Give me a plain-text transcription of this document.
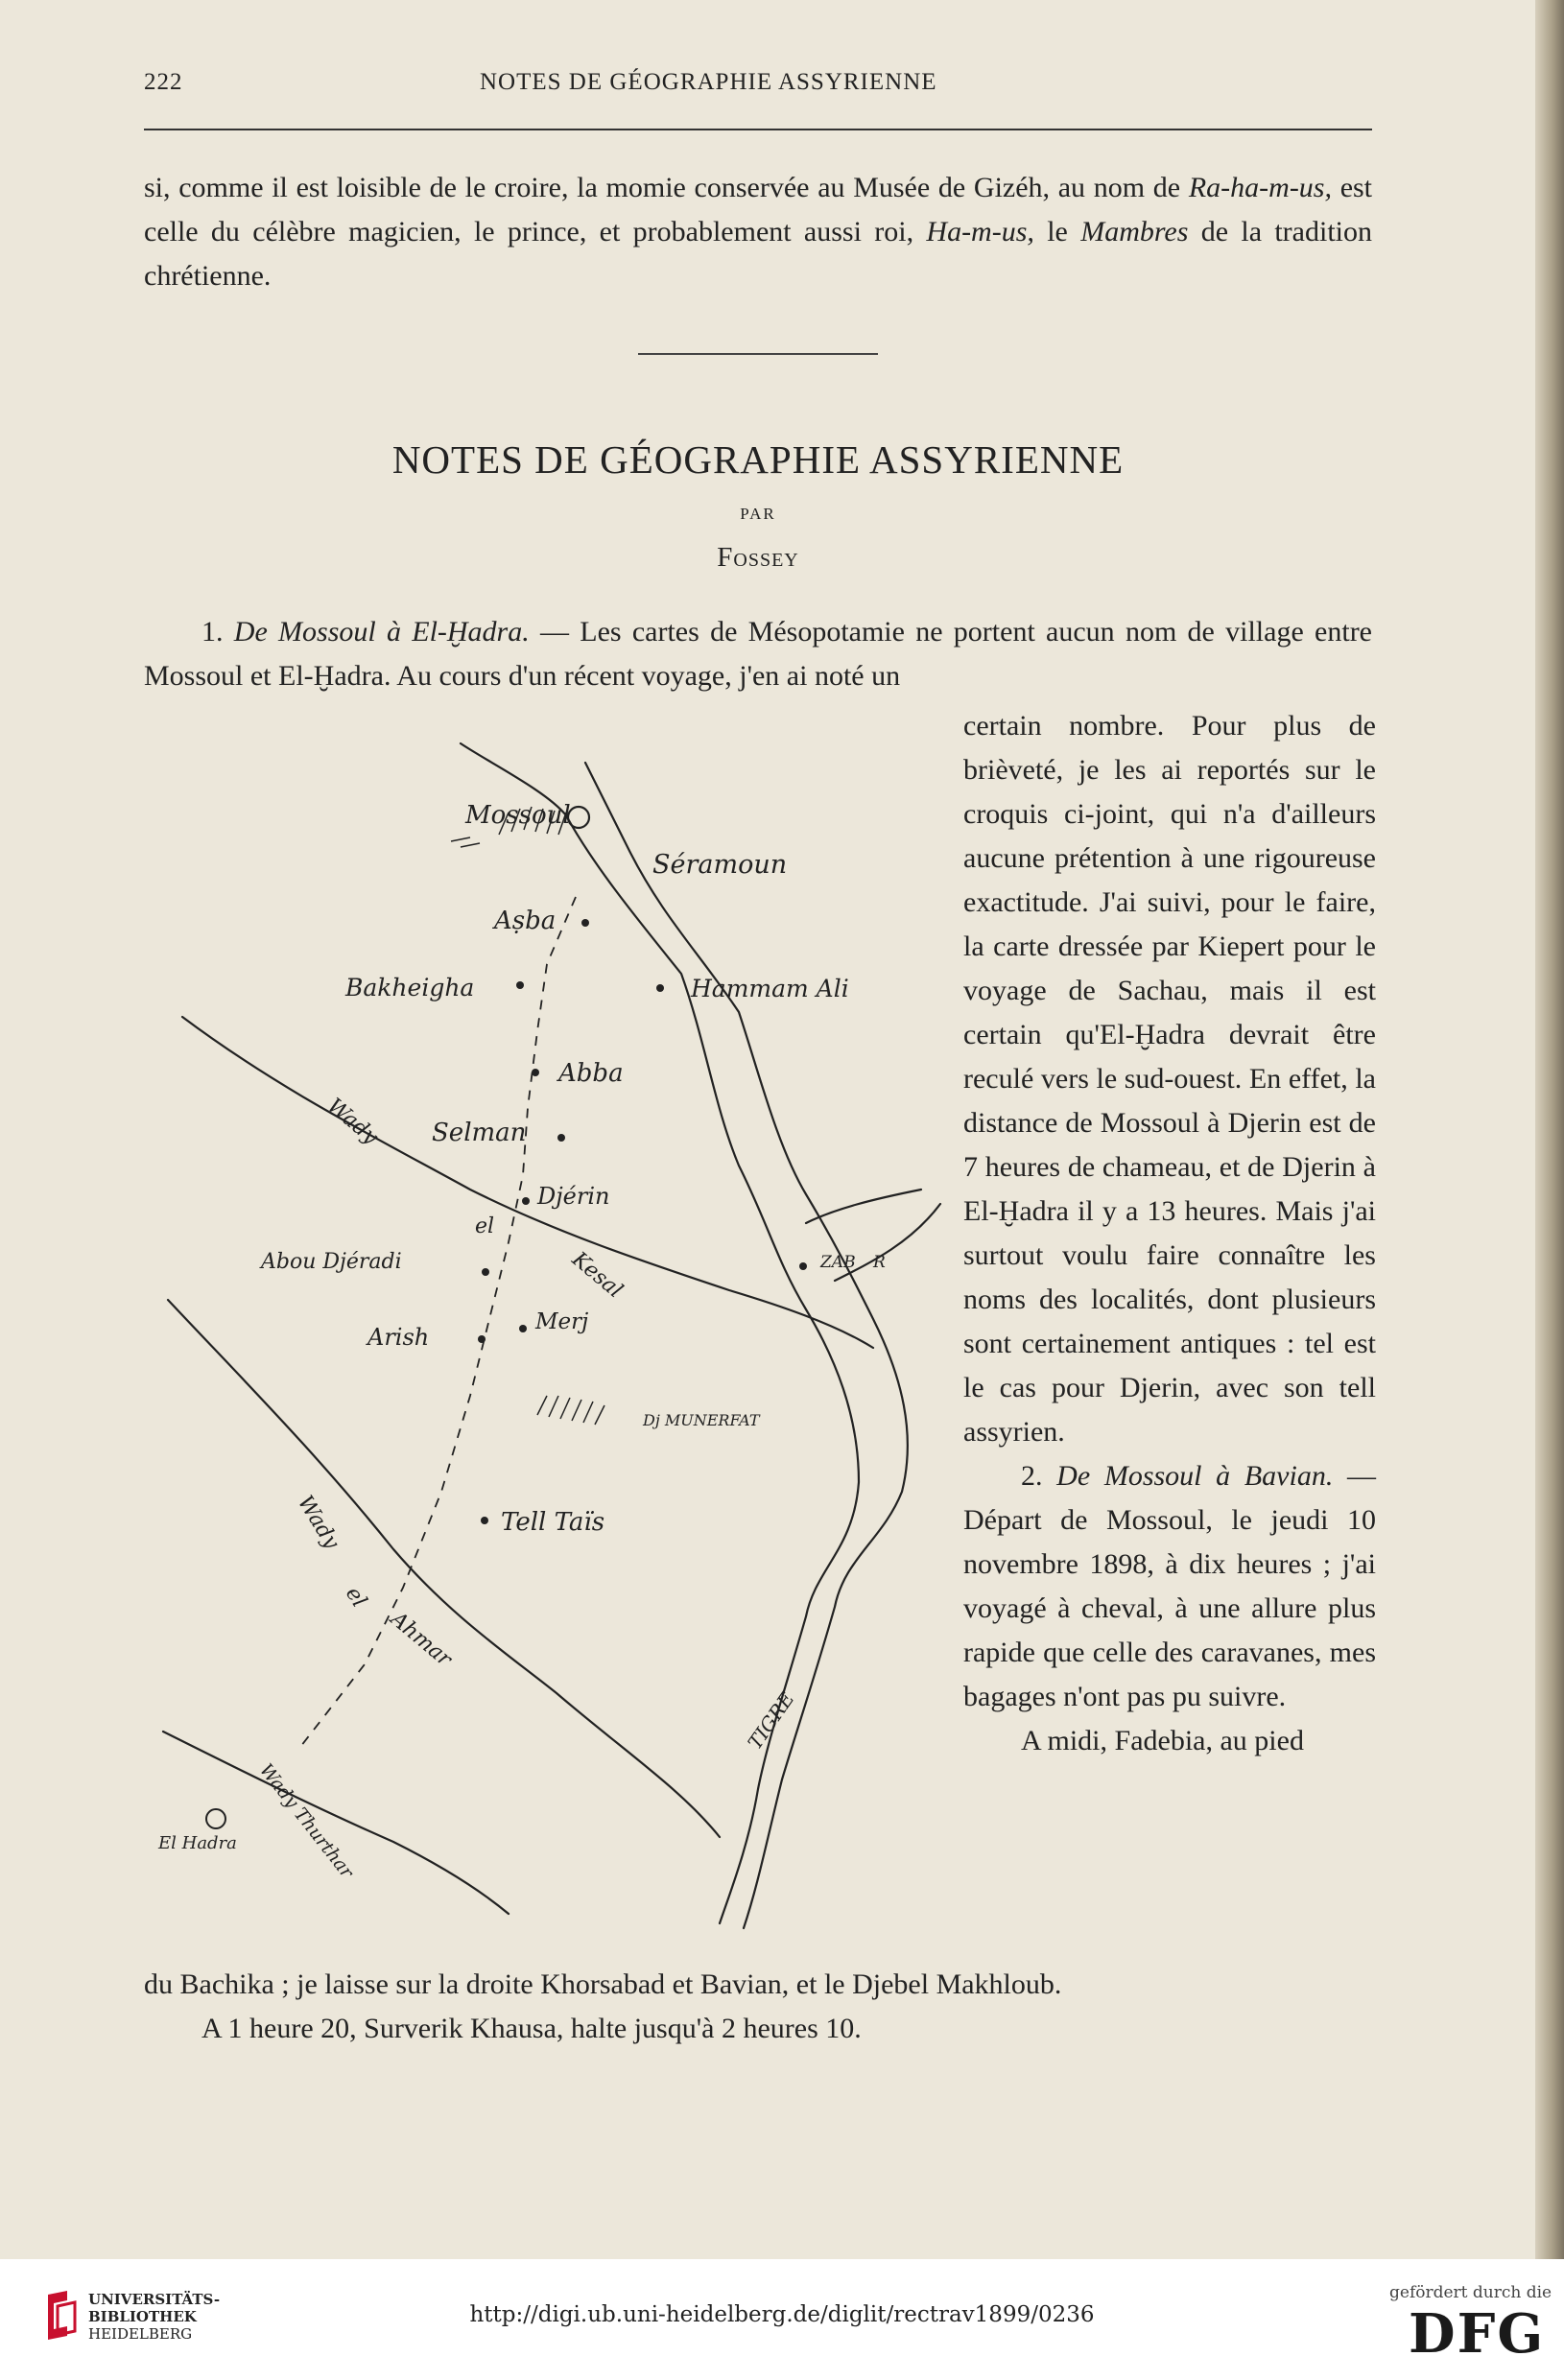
222	NOTES DE GÉOGRAPHIE ASSYRIENNE
si, comme il est loisible de le croire, la momie conservée au Musée de Gizéh, au nom de Ra-ha-m-us, est celle du célèbre magicien, le prince, et probablement aussi roi, Ha-m-us, le Mambres de la tradition chrétienne.
NOTES DE GÉOGRAPHIE ASSYRIENNE
PAR
Fossey
1. De Mossoul à El-Ḫadra. — Les cartes de Mésopotamie ne portent aucun nom de village entre Mossoul et El-Ḫadra. Au cours d'un récent voyage, j'en ai noté un
certain nombre. Pour plus de brièveté, je les ai reportés sur le croquis ci-joint, qui n'a d'ailleurs aucune prétention à une rigoureuse exactitude. J'ai suivi, pour le faire, la carte dressée par Kiepert pour le voyage de Sachau, mais il est certain qu'El-Ḫadra devrait être reculé vers le sud-ouest. En effet, la distance de Mossoul à Djerin est de 7 heures de chameau, et de Djerin à El-Ḫadra il y a 13 heures. Mais j'ai surtout voulu faire connaître les noms des localités, dont plusieurs sont certainement antiques : tel est le cas pour Djerin, avec son tell assyrien.
2. De Mossoul à Bavian. — Départ de Mossoul, le jeudi 10 novembre 1898, à dix heures ; j'ai voyagé à cheval, à une allure plus rapide que celle des caravanes, mes bagages n'ont pas pu suivre.
A midi, Fadebia, au pied
Mossoul
Séramoun
Aṣba
Bakheigha	Hammam Ali
Abba
Selman
Djérin
ZAB R
Abou Djéradi
Wady
el
Kesal
Arish
Merj
Dj MUNERFAT
Tell Taïs
Wady
el
Ahmar
TIGRE
Wady Thurthar
El Hadra
du Bachika ; je laisse sur la droite Khorsabad et Bavian, et le Djebel Makhloub.
A 1 heure 20, Surverik Khausa, halte jusqu'à 2 heures 10.
UNIVERSITÄTS-
BIBLIOTHEK
HEIDELBERG
http://digi.ub.uni-heidelberg.de/diglit/rectrav1899/0236
gefördert durch die
DFG
